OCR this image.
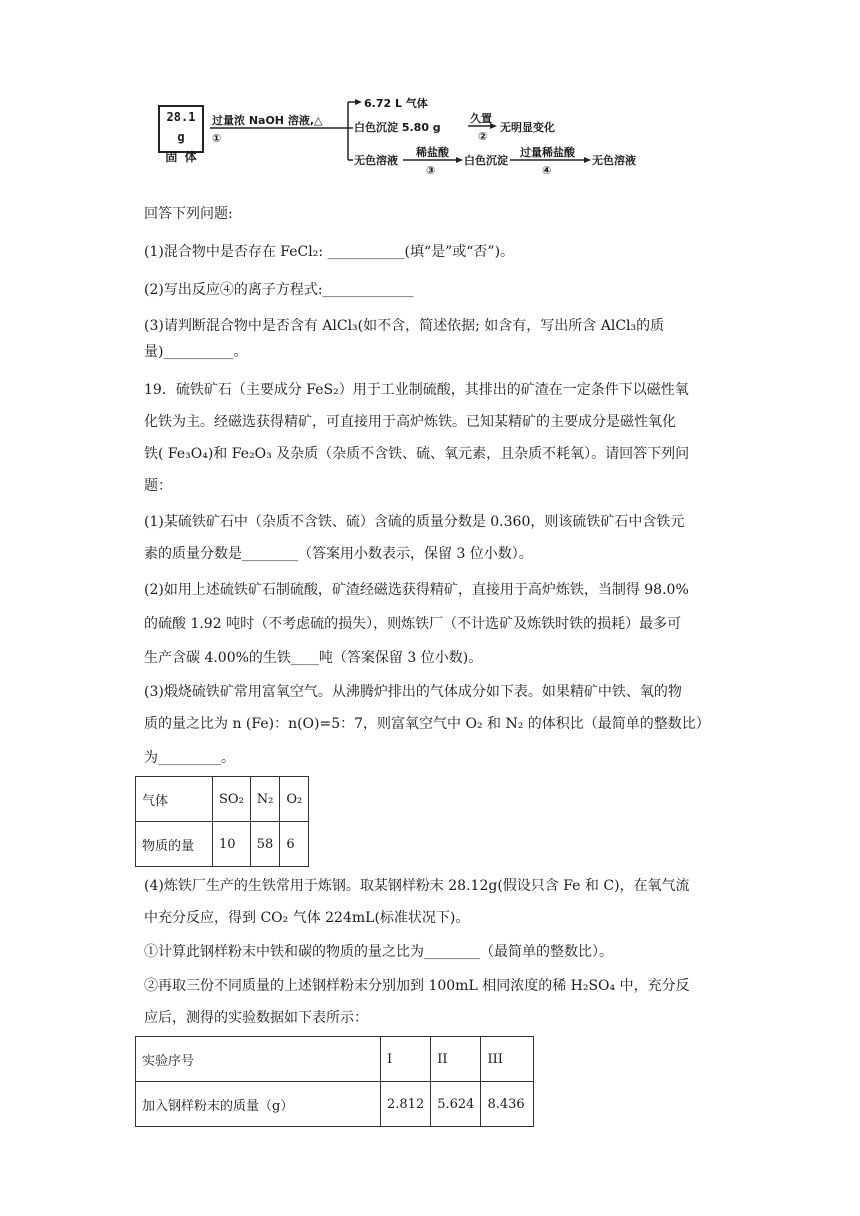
28.1 g
固 体
过量浓 NaOH 溶液,△
①
6.72 L 气体
白色沉淀 5.80 g
久置
②
无明显变化
无色溶液
稀盐酸
③
白色沉淀
过量稀盐酸
④
无色溶液
回答下列问题:
(1)混合物中是否存在 FeCl₂: ___________(填“是”或“否”)。
(2)写出反应④的离子方程式:_____________
(3)请判断混合物中是否含有 AlCl₃(如不含，简述依据; 如含有，写出所含 AlCl₃的质
量)__________。
19．硫铁矿石（主要成分 FeS₂）用于工业制硫酸，其排出的矿渣在一定条件下以磁性氧
化铁为主。经磁选获得精矿，可直接用于高炉炼铁。已知某精矿的主要成分是磁性氧化
铁( Fe₃O₄)和 Fe₂O₃ 及杂质（杂质不含铁、硫、氧元素，且杂质不耗氧）。请回答下列问
题：
(1)某硫铁矿石中（杂质不含铁、硫）含硫的质量分数是 0.360，则该硫铁矿石中含铁元
素的质量分数是________（答案用小数表示，保留 3 位小数）。
(2)如用上述硫铁矿石制硫酸，矿渣经磁选获得精矿，直接用于高炉炼铁，当制得 98.0%
的硫酸 1.92 吨时（不考虑硫的损失），则炼铁厂（不计选矿及炼铁时铁的损耗）最多可
生产含碳 4.00%的生铁____吨（答案保留 3 位小数)。
(3)煅烧硫铁矿常用富氧空气。从沸腾炉排出的气体成分如下表。如果精矿中铁、氧的物
质的量之比为 n (Fe)：n(O)=5：7，则富氧空气中 O₂ 和 N₂ 的体积比（最简单的整数比）
为_________。
气体	SO₂	N₂	O₂
物质的量	10	58	6
(4)炼铁厂生产的生铁常用于炼钢。取某钢样粉末 28.12g(假设只含 Fe 和 C)，在氧气流
中充分反应，得到 CO₂ 气体 224mL(标准状况下)。
①计算此钢样粉末中铁和碳的物质的量之比为________（最简单的整数比）。
②再取三份不同质量的上述钢样粉末分别加到 100mL 相同浓度的稀 H₂SO₄ 中，充分反
应后，测得的实验数据如下表所示：
实验序号	I	II	III
加入钢样粉末的质量（g）	2.812	5.624	8.436
